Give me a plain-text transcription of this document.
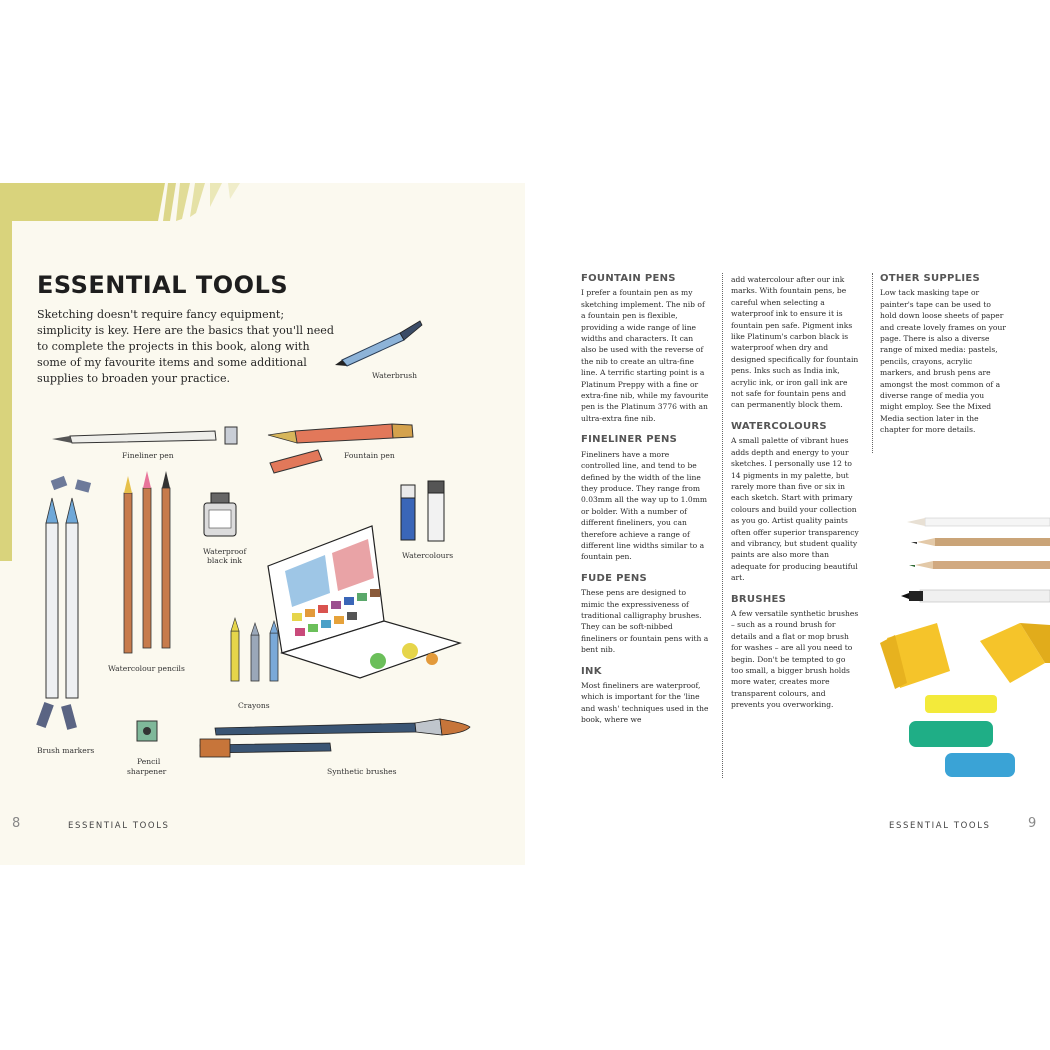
ESSENTIAL TOOLS

Sketching doesn't require fancy equipment; simplicity is key. Here are the basics that you'll need to complete the projects in this book, along with some of my favourite items and some additional supplies to broaden your practice.	Waterbrush
Fineliner pen	Fountain pen
Waterproof
black ink
Watercolours
Watercolour pencils
Crayons
Brush markers
Pencil
sharpener	Synthetic brushes
8	ESSENTIAL TOOLS
FOUNTAIN PENS

I prefer a fountain pen as my sketching implement. The nib of a fountain pen is flexible, providing a wide range of line widths and characters. It can also be used with the reverse of the nib to create an ultra-fine line. A terrific starting point is a Platinum Preppy with a fine or extra-fine nib, while my favourite pen is the Platinum 3776 with an ultra-extra fine nib.

FINELINER PENS

Fineliners have a more controlled line, and tend to be defined by the width of the line they produce. They range from 0.03mm all the way up to 1.0mm or bolder. With a number of different fineliners, you can therefore achieve a range of different line widths similar to a fountain pen.

FUDE PENS

These pens are designed to mimic the expressiveness of traditional calligraphy brushes. They can be soft-nibbed fineliners or fountain pens with a bent nib.

INK

Most fineliners are waterproof, which is important for the 'line and wash' techniques used in the book, where we

add watercolour after our ink marks. With fountain pens, be careful when selecting a waterproof ink to ensure it is fountain pen safe. Pigment inks like Platinum's carbon black is waterproof when dry and designed specifically for fountain pens. Inks such as India ink, acrylic ink, or iron gall ink are not safe for fountain pens and can permanently block them.

WATERCOLOURS

A small palette of vibrant hues adds depth and energy to your sketches. I personally use 12 to 14 pigments in my palette, but rarely more than five or six in each sketch. Start with primary colours and build your collection as you go. Artist quality paints often offer superior transparency and vibrancy, but student quality paints are also more than adequate for producing beautiful art.

BRUSHES

A few versatile synthetic brushes – such as a round brush for details and a flat or mop brush for washes – are all you need to begin. Don't be tempted to go too small, a bigger brush holds more water, creates more transparent colours, and prevents you overworking.

OTHER SUPPLIES

Low tack masking tape or painter's tape can be used to hold down loose sheets of paper and create lovely frames on your page. There is also a diverse range of mixed media: pastels, pencils, crayons, acrylic markers, and brush pens are amongst the most common of a diverse range of media you might employ. See the Mixed Media section later in the chapter for more details.

ESSENTIAL TOOLS	9
